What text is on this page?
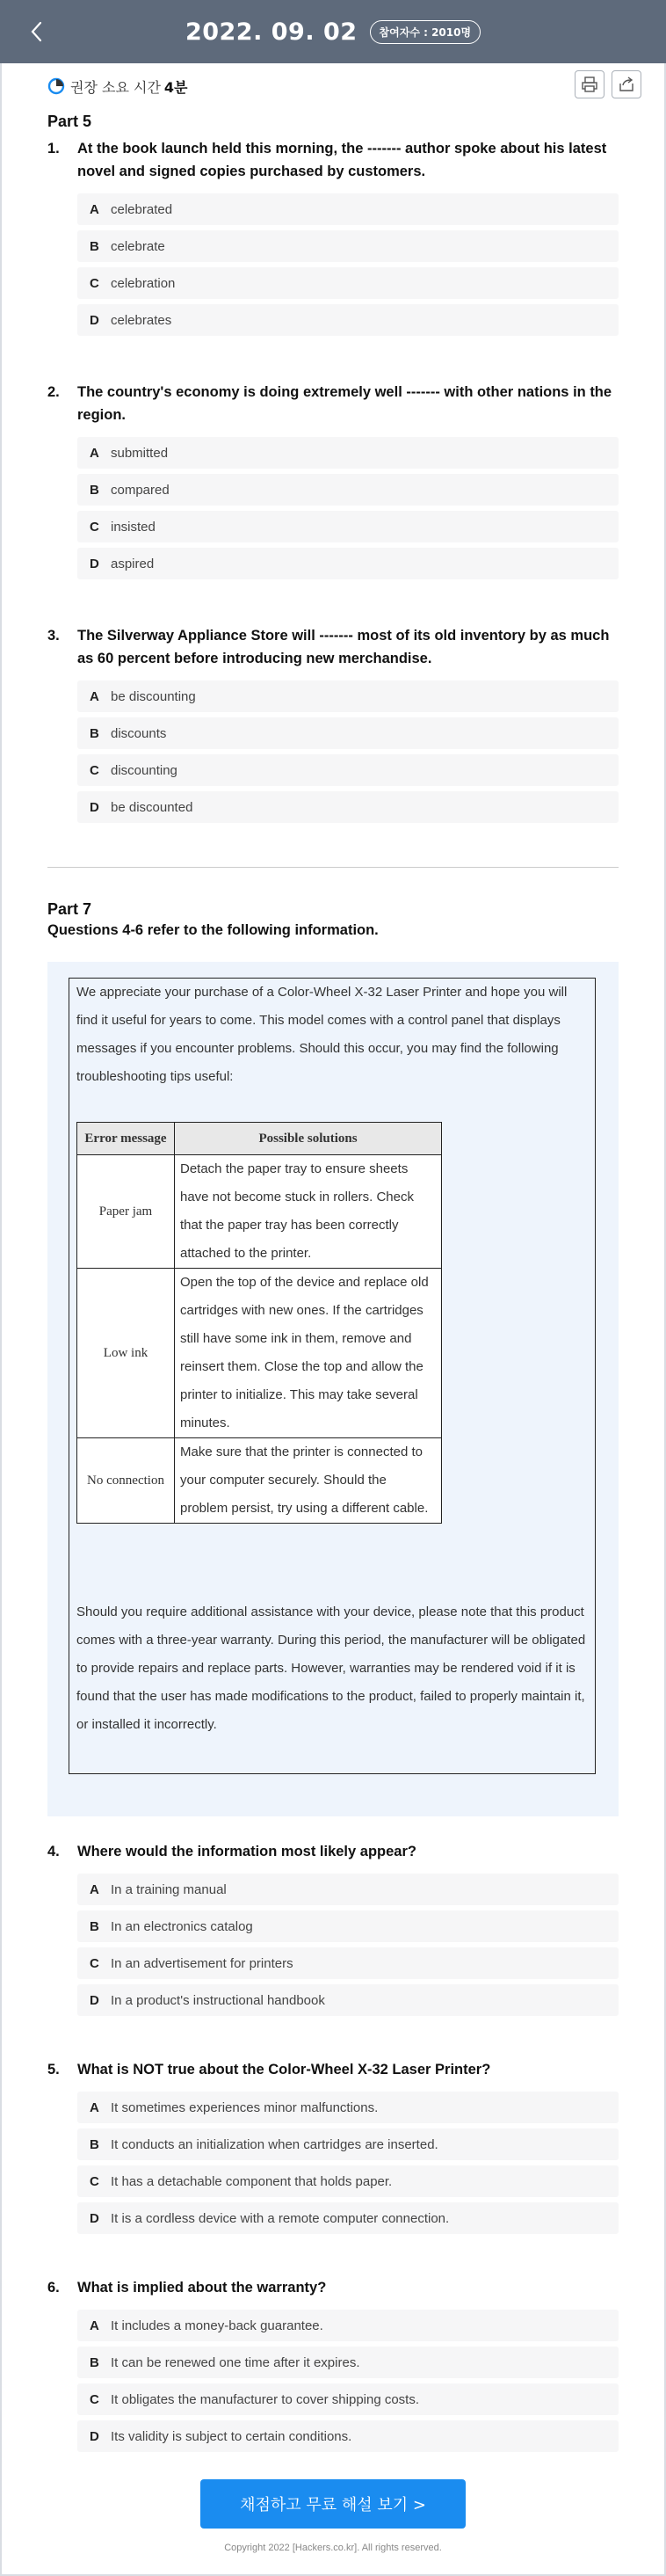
2022. 09. 02	참여자수 : 2010명
권장 소요 시간 4분
Part 5
1. At the book launch held this morning, the ------- author spoke about his latest novel and signed copies purchased by customers.
A celebrated
B celebrate
C celebration
D celebrates
2. The country's economy is doing extremely well ------- with other nations in the region.
A submitted
B compared
C insisted
D aspired
3. The Silverway Appliance Store will ------- most of its old inventory by as much as 60 percent before introducing new merchandise.
A be discounting
B discounts
C discounting
D be discounted
Part 7
Questions 4-6 refer to the following information.
We appreciate your purchase of a Color-Wheel X-32 Laser Printer and hope you will find it useful for years to come. This model comes with a control panel that displays messages if you encounter problems. Should this occur, you may find the following troubleshooting tips useful:
Error message	Possible solutions
Paper jam	Detach the paper tray to ensure sheets have not become stuck in rollers. Check that the paper tray has been correctly attached to the printer.
Low ink	Open the top of the device and replace old cartridges with new ones. If the cartridges still have some ink in them, remove and reinsert them. Close the top and allow the printer to initialize. This may take several minutes.
No connection	Make sure that the printer is connected to your computer securely. Should the problem persist, try using a different cable.
Should you require additional assistance with your device, please note that this product comes with a three-year warranty. During this period, the manufacturer will be obligated to provide repairs and replace parts. However, warranties may be rendered void if it is found that the user has made modifications to the product, failed to properly maintain it, or installed it incorrectly.
4. Where would the information most likely appear?
A In a training manual
B In an electronics catalog
C In an advertisement for printers
D In a product's instructional handbook
5. What is NOT true about the Color-Wheel X-32 Laser Printer?
A It sometimes experiences minor malfunctions.
B It conducts an initialization when cartridges are inserted.
C It has a detachable component that holds paper.
D It is a cordless device with a remote computer connection.
6. What is implied about the warranty?
A It includes a money-back guarantee.
B It can be renewed one time after it expires.
C It obligates the manufacturer to cover shipping costs.
D Its validity is subject to certain conditions.
채점하고 무료 해설 보기 >
Copyright 2022 [Hackers.co.kr]. All rights reserved.
